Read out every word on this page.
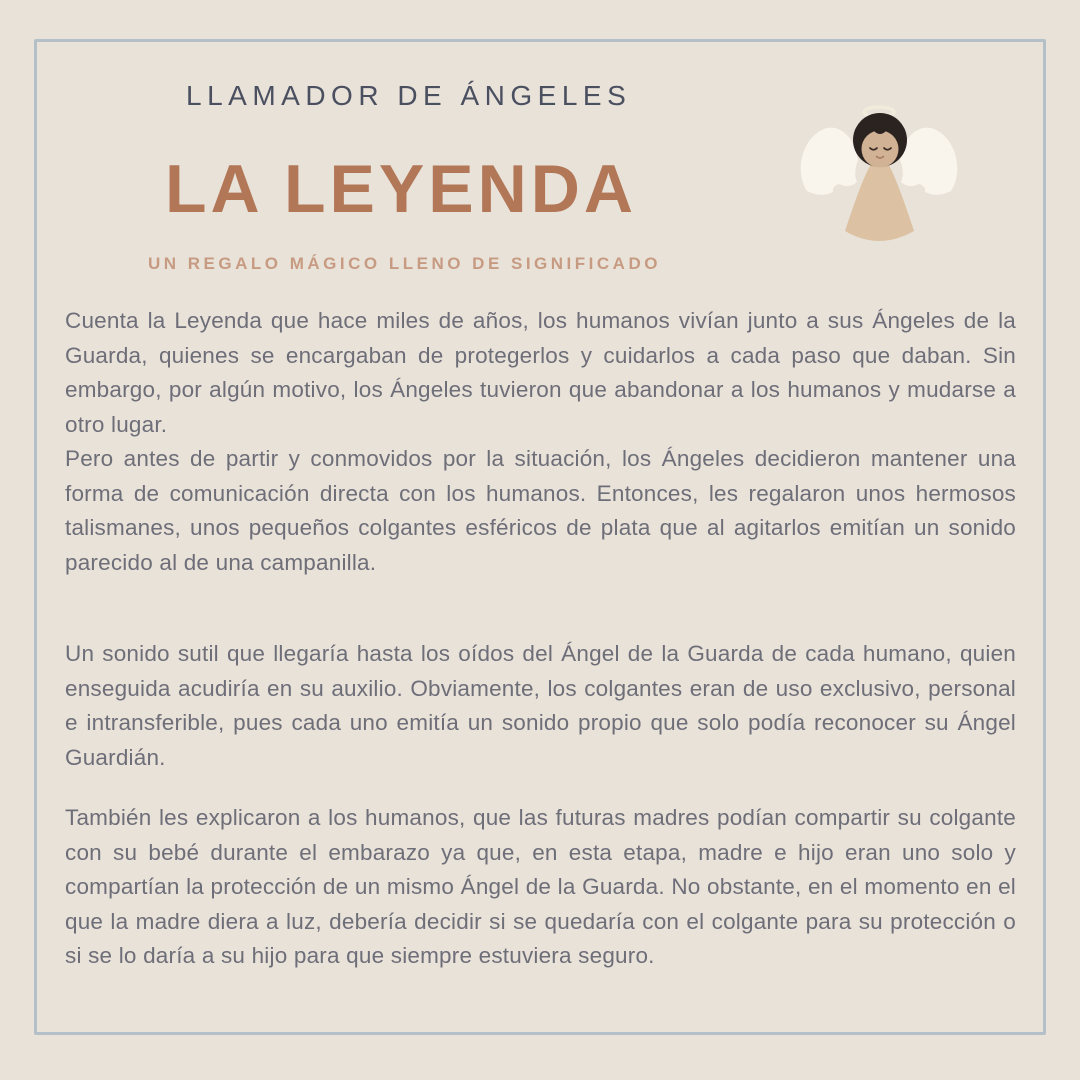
LLAMADOR DE ÁNGELES
LA LEYENDA
UN REGALO MÁGICO LLENO DE SIGNIFICADO

Cuenta la Leyenda que hace miles de años, los humanos vivían junto a sus Ángeles de la Guarda, quienes se encargaban de protegerlos y cuidarlos a cada paso que daban. Sin embargo, por algún motivo, los Ángeles tuvieron que abandonar a los humanos y mudarse a otro lugar.

Pero antes de partir y conmovidos por la situación, los Ángeles decidieron mantener una forma de comunicación directa con los humanos. Entonces, les regalaron unos hermosos talismanes, unos pequeños colgantes esféricos de plata que al agitarlos emitían un sonido parecido al de una campanilla.

Un sonido sutil que llegaría hasta los oídos del Ángel de la Guarda de cada humano, quien enseguida acudiría en su auxilio. Obviamente, los colgantes eran de uso exclusivo, personal e intransferible, pues cada uno emitía un sonido propio que solo podía reconocer su Ángel Guardián.

También les explicaron a los humanos, que las futuras madres podían compartir su colgante con su bebé durante el embarazo ya que, en esta etapa, madre e hijo eran uno solo y compartían la protección de un mismo Ángel de la Guarda. No obstante, en el momento en el que la madre diera a luz, debería decidir si se quedaría con el colgante para su protección o si se lo daría a su hijo para que siempre estuviera seguro.
